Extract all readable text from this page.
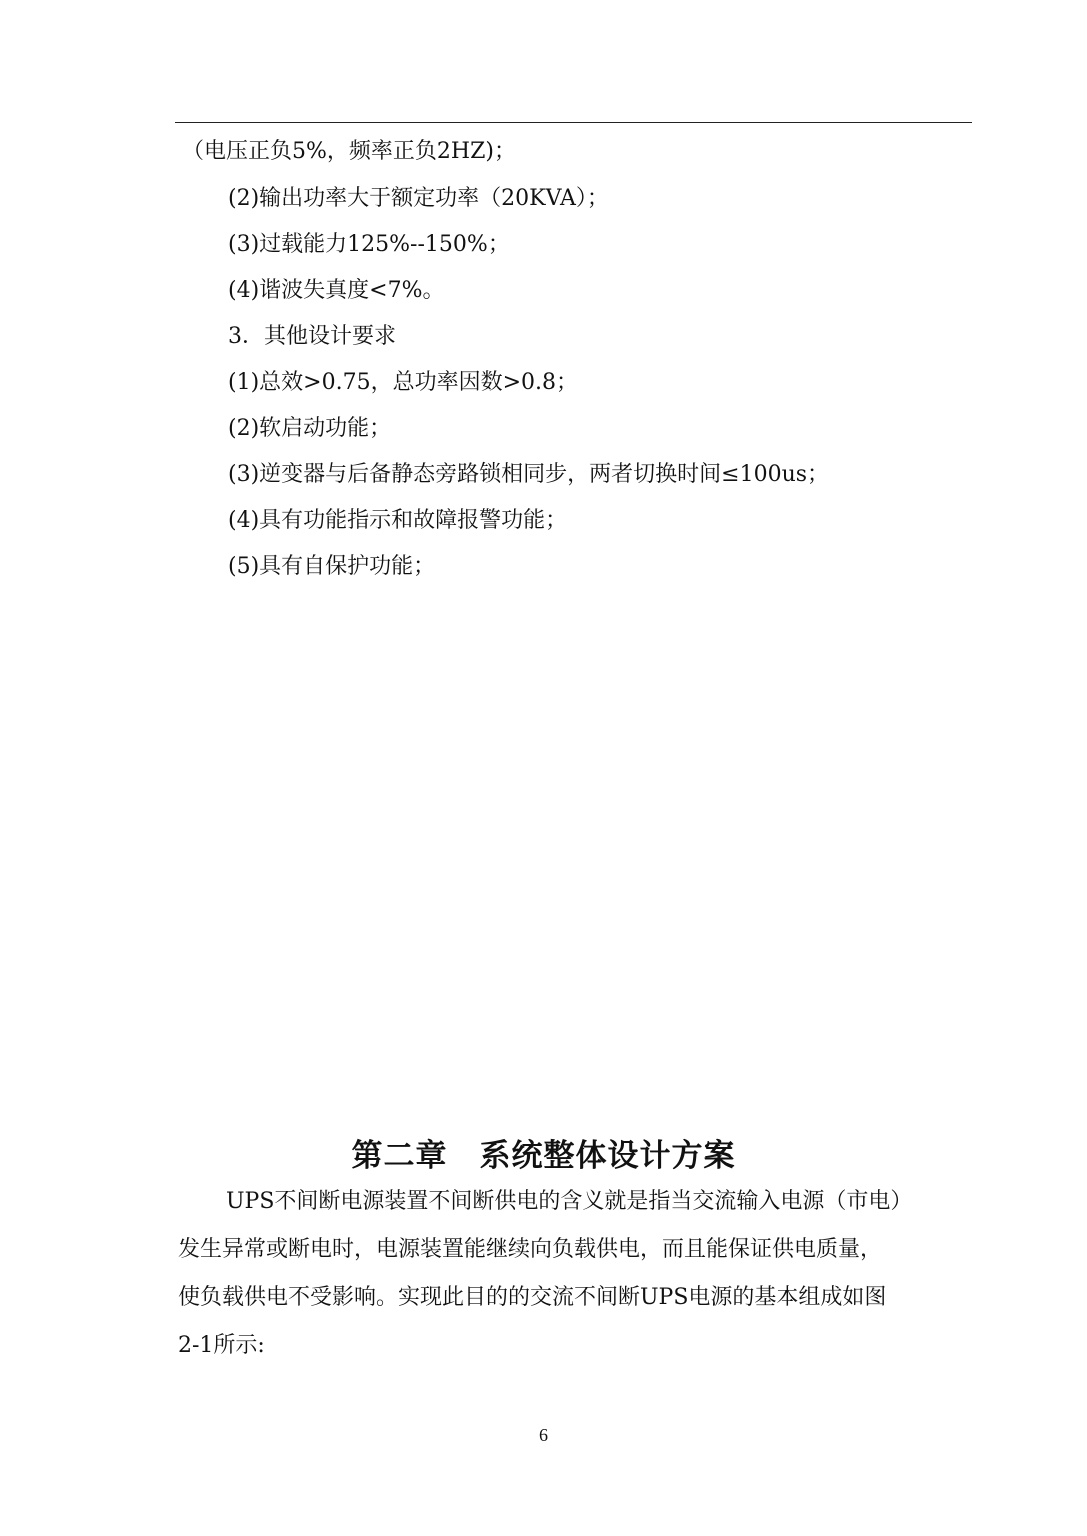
（电压正负5%，频率正负2HZ)；
(2)输出功率大于额定功率（20KVA）；
(3)过载能力125%--150%；
(4)谐波失真度<7%。
3．其他设计要求
(1)总效>0.75，总功率因数>0.8；
(2)软启动功能；
(3)逆变器与后备静态旁路锁相同步，两者切换时间≤100us；
(4)具有功能指示和故障报警功能；
(5)具有自保护功能；
第二章　系统整体设计方案
UPS不间断电源装置不间断供电的含义就是指当交流输入电源（市电）
发生异常或断电时，电源装置能继续向负载供电，而且能保证供电质量，
使负载供电不受影响。实现此目的的交流不间断UPS电源的基本组成如图
2-1所示:
6
